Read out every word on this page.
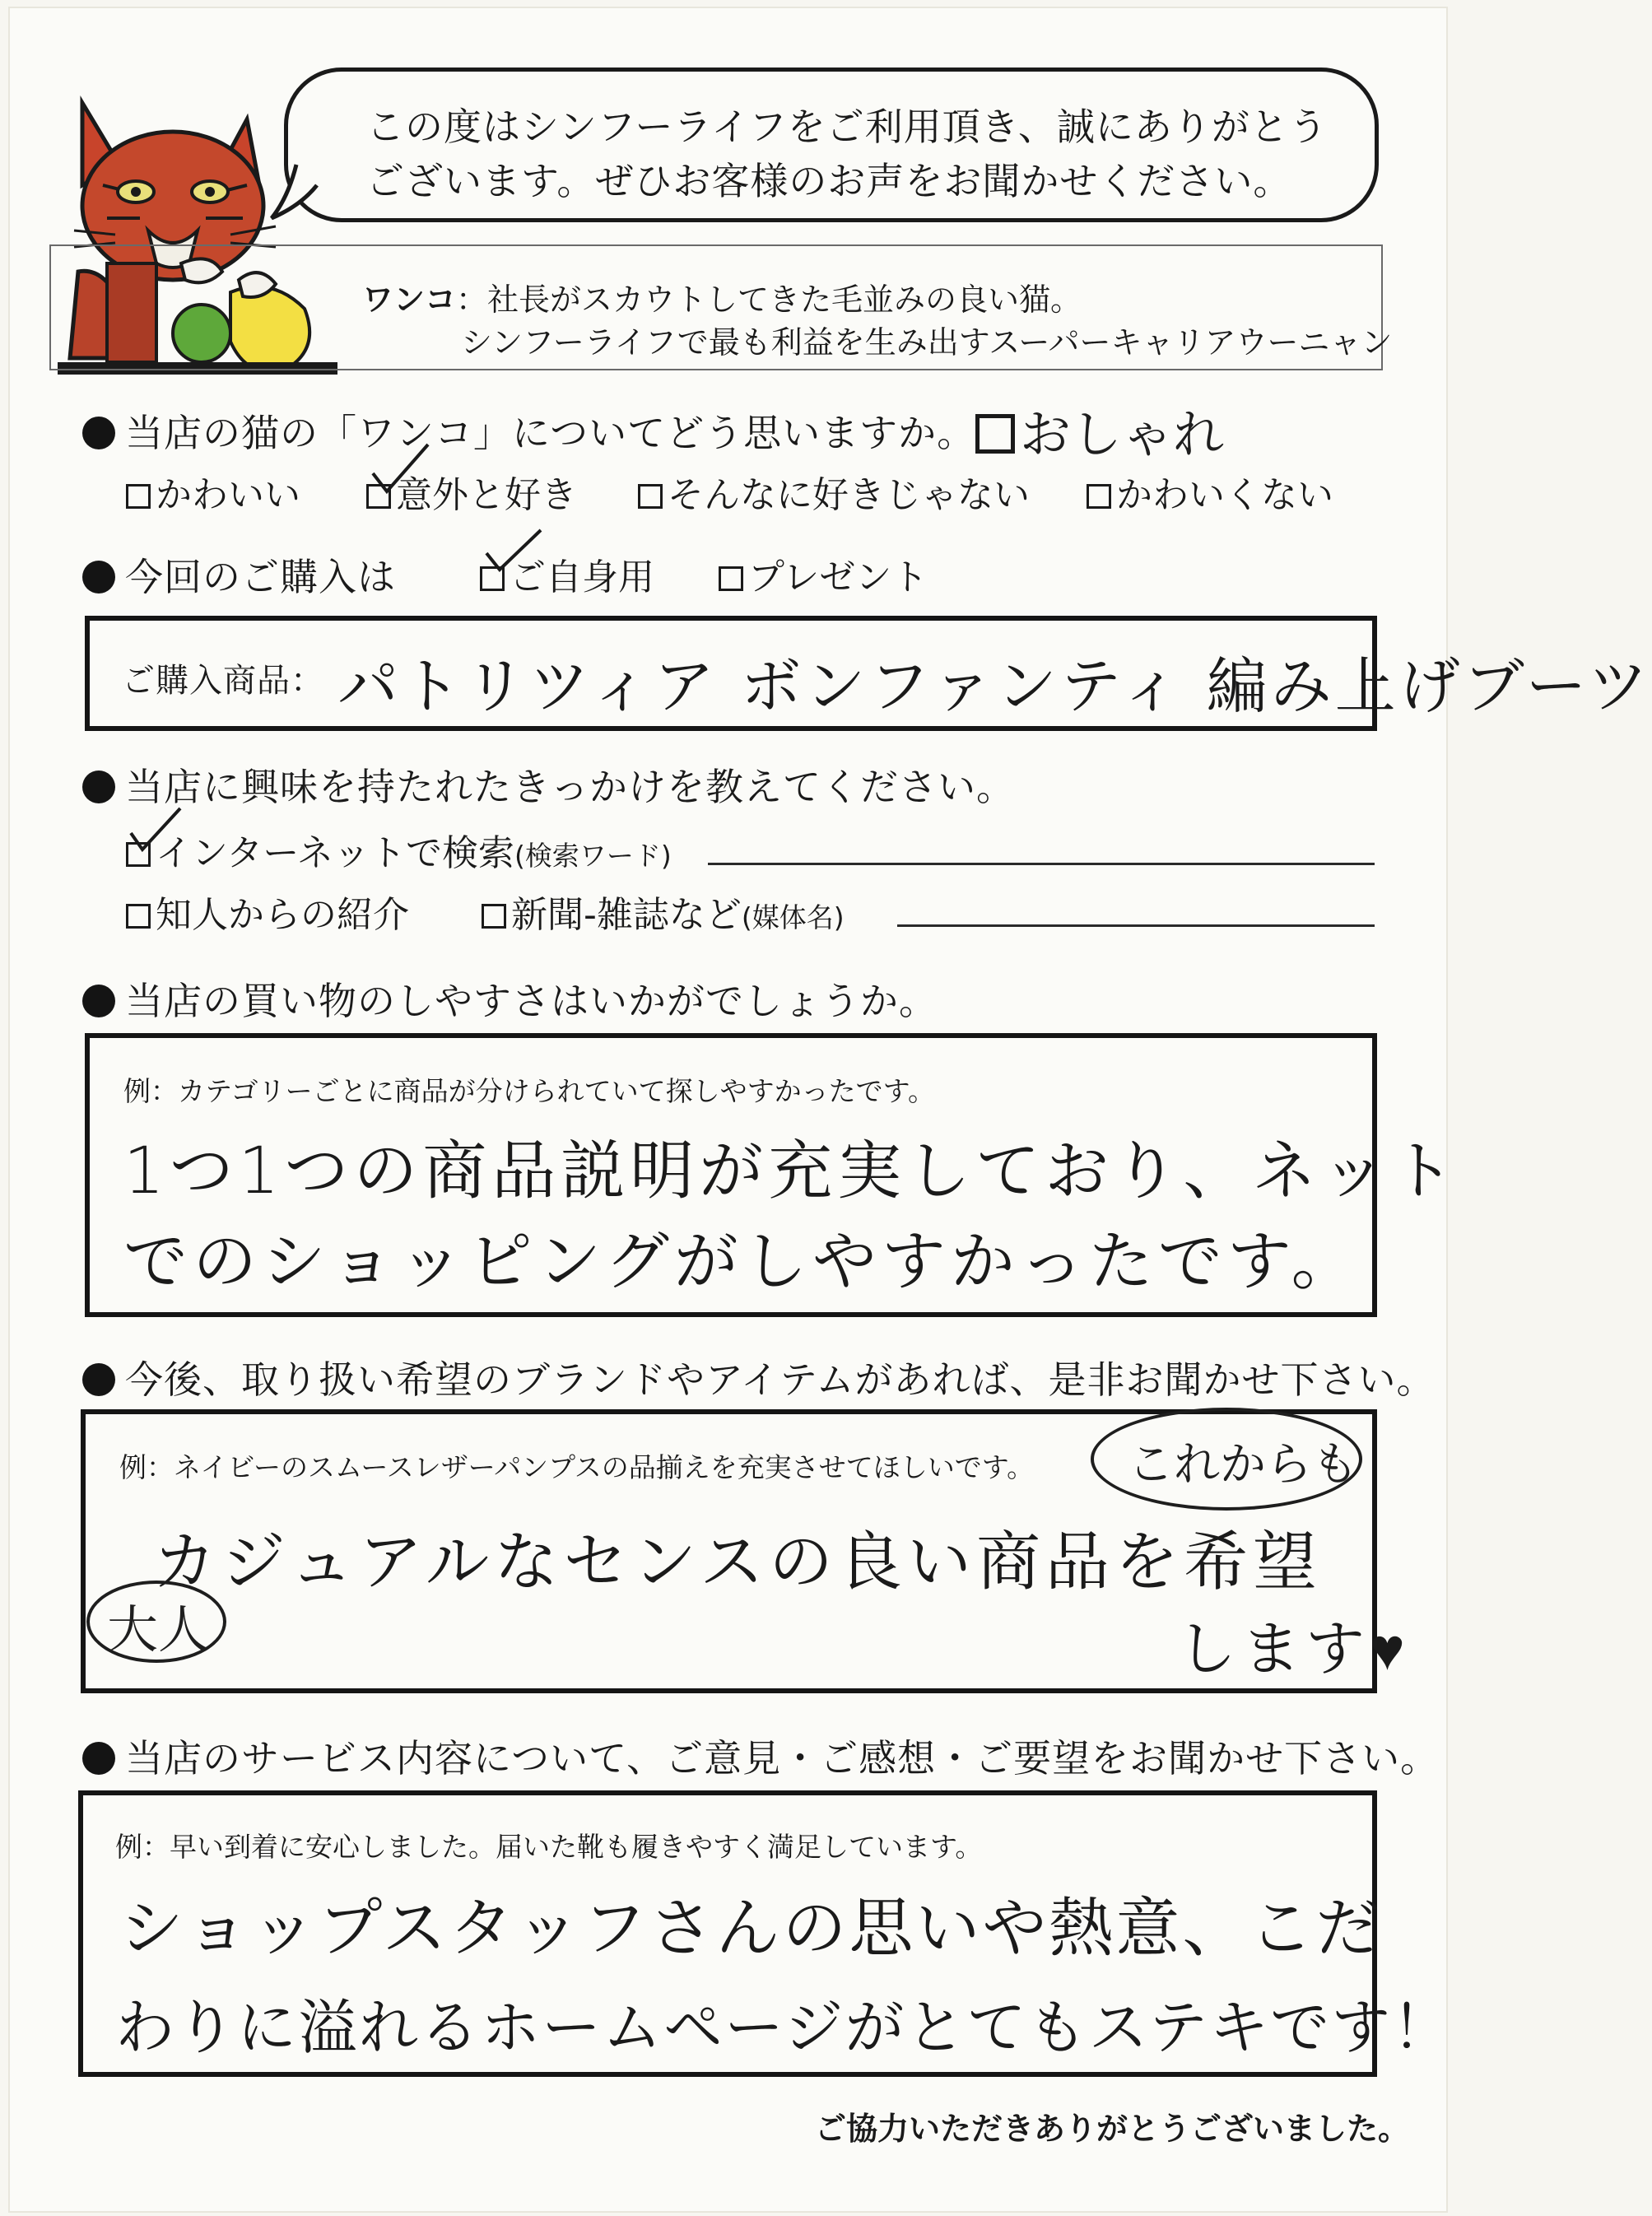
この度はシンフーライフをご利用頂き、誠にありがとう
ございます。ぜひお客様のお声をお聞かせください。
ワンコ：社長がスカウトしてきた毛並みの良い猫。
シンフーライフで最も利益を生み出すスーパーキャリアウーニャン
当店の猫の「ワンコ」についてどう思いますか。 おしゃれ
かわいい	意外と好き	そんなに好きじゃない	かわいくない
今回のご購入は	ご自身用	プレゼント
ご購入商品： パトリツィア ボンファンティ 編み上げブーツ
当店に興味を持たれたきっかけを教えてください。
インターネットで検索(検索ワード)
知人からの紹介	新聞-雑誌など(媒体名)
当店の買い物のしやすさはいかがでしょうか。
例：カテゴリーごとに商品が分けられていて探しやすかったです。
1つ1つの商品説明が充実しており、ネット
でのショッピングがしやすかったです。
今後、取り扱い希望のブランドやアイテムがあれば、是非お聞かせ下さい。
例：ネイビーのスムースレザーパンプスの品揃えを充実させてほしいです。 これからも
カジュアルなセンスの良い商品を希望
大人	します♥
当店のサービス内容について、ご意見・ご感想・ご要望をお聞かせ下さい。
例：早い到着に安心しました。届いた靴も履きやすく満足しています。
ショップスタッフさんの思いや熱意、こだ
わりに溢れるホームページがとてもステキです！
ご協力いただきありがとうございました。
